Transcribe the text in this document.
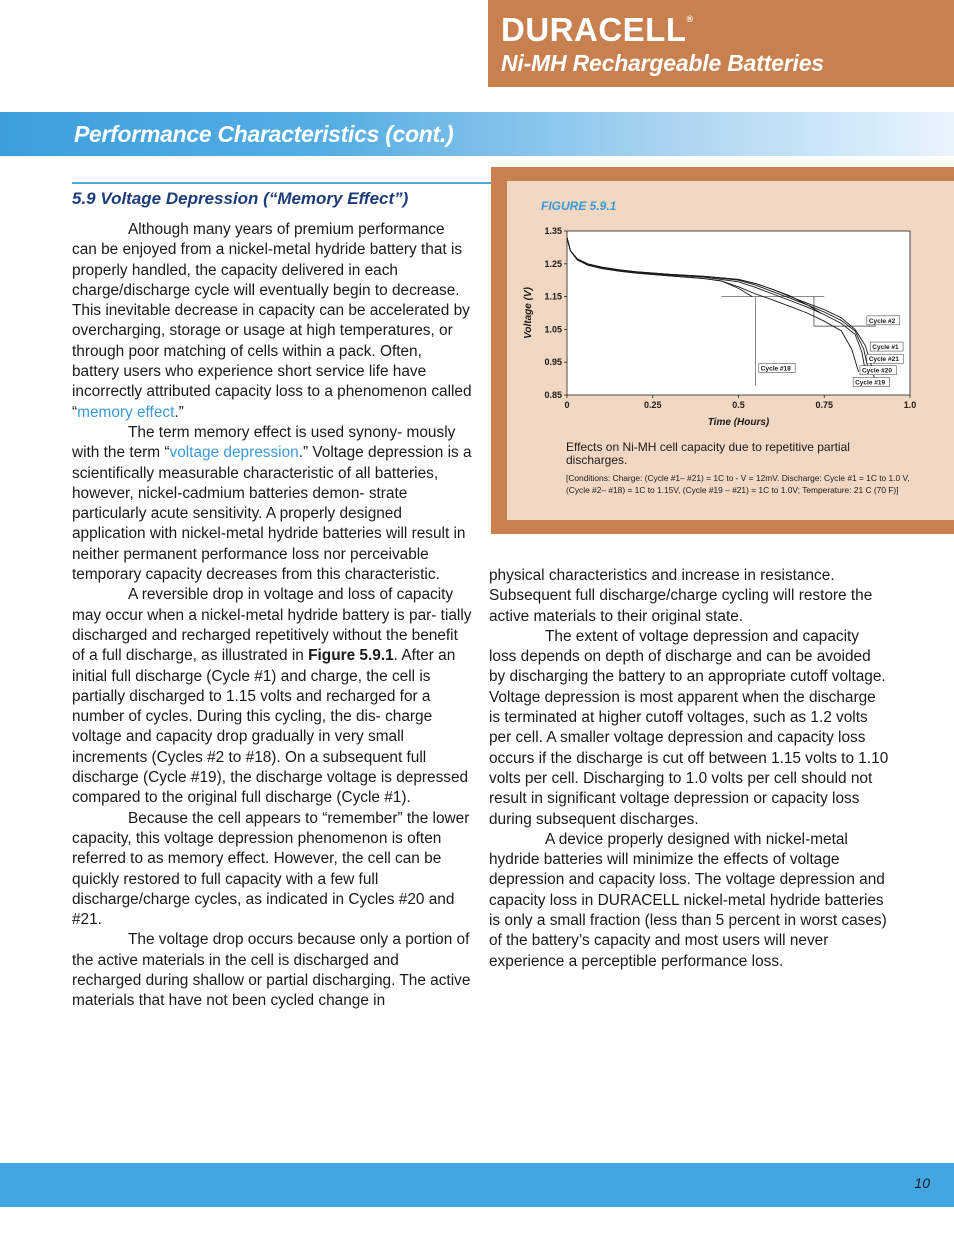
DURACELL®
Ni-MH Rechargeable Batteries
Performance Characteristics (cont.)
5.9 Voltage Depression (“Memory Effect”)

Although many years of premium performance can be enjoyed from a nickel-metal hydride battery that is properly handled, the capacity delivered in each charge/discharge cycle will eventually begin to decrease. This inevitable decrease in capacity can be accelerated by overcharging, storage or usage at high temperatures, or through poor matching of cells within a pack. Often, battery users who experience short service life have incorrectly attributed capacity loss to a phenomenon called “memory effect.”

The term memory effect is used synony- mously with the term “voltage depression.” Voltage depression is a scientifically measurable characteristic of all batteries, however, nickel-cadmium batteries demon- strate particularly acute sensitivity. A properly designed application with nickel-metal hydride batteries will result in neither permanent performance loss nor perceivable temporary capacity decreases from this characteristic.

A reversible drop in voltage and loss of capacity may occur when a nickel-metal hydride battery is par- tially discharged and recharged repetitively without the benefit of a full discharge, as illustrated in Figure 5.9.1. After an initial full discharge (Cycle #1) and charge, the cell is partially discharged to 1.15 volts and recharged for a number of cycles. During this cycling, the dis- charge voltage and capacity drop gradually in very small increments (Cycles #2 to #18). On a subsequent full discharge (Cycle #19), the discharge voltage is depressed compared to the original full discharge (Cycle #1).

Because the cell appears to “remember” the lower capacity, this voltage depression phenomenon is often referred to as memory effect. However, the cell can be quickly restored to full capacity with a few full discharge/charge cycles, as indicated in Cycles #20 and #21.

The voltage drop occurs because only a portion of the active materials in the cell is discharged and recharged during shallow or partial discharging. The active materials that have not been cycled change in

FIGURE 5.9.1
Cycle #1
Cycle #2
Cycle #18
Cycle #19
Cycle #20
Cycle #21
1.35
1.25
1.15
1.05
0.95
0.85
0	0.25	0.5	0.75	1.0
Time (Hours)
Voltage (V)
Effects on Ni-MH cell capacity due to repetitive partial discharges.
[Conditions: Charge: (Cycle #1– #21) = 1C to - V = 12mV. Discharge: Cycle #1 = 1C to 1.0 V, (Cycle #2– #18) = 1C to 1.15V, (Cycle #19 – #21) = 1C to 1.0V; Temperature: 21 C (70 F)]

physical characteristics and increase in resistance. Subsequent full discharge/charge cycling will restore the active materials to their original state.

The extent of voltage depression and capacity loss depends on depth of discharge and can be avoided by discharging the battery to an appropriate cutoff voltage. Voltage depression is most apparent when the discharge is terminated at higher cutoff voltages, such as 1.2 volts per cell. A smaller voltage depression and capacity loss occurs if the discharge is cut off between 1.15 volts to 1.10 volts per cell. Discharging to 1.0 volts per cell should not result in significant voltage depression or capacity loss during subsequent discharges.

A device properly designed with nickel-metal hydride batteries will minimize the effects of voltage depression and capacity loss. The voltage depression and capacity loss in DURACELL nickel-metal hydride batteries is only a small fraction (less than 5 percent in worst cases) of the battery’s capacity and most users will never experience a perceptible performance loss.

10
